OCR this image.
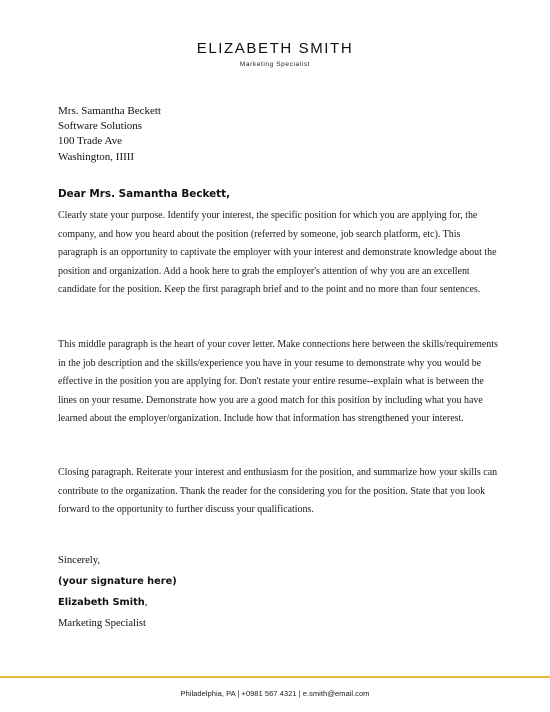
ELIZABETH SMITH
Marketing Specialist
Mrs. Samantha Beckett
Software Solutions
100 Trade Ave
Washington, IIIII
Dear Mrs. Samantha Beckett,
Clearly state your purpose. Identify your interest, the specific position for which you are applying for, the company, and how you heard about the position (referred by someone, job search platform, etc). This paragraph is an opportunity to captivate the employer with your interest and demonstrate knowledge about the position and organization. Add a hook here to grab the employer's attention of why you are an excellent candidate for the position. Keep the first paragraph brief and to the point and no more than four sentences.
This middle paragraph is the heart of your cover letter. Make connections here between the skills/requirements in the job description and the skills/experience you have in your resume to demonstrate why you would be effective in the position you are applying for. Don't restate your entire resume--explain what is between the lines on your resume. Demonstrate how you are a good match for this position by including what you have learned about the employer/organization. Include how that information has strengthened your interest.
Closing paragraph. Reiterate your interest and enthusiasm for the position, and summarize how your skills can contribute to the organization. Thank the reader for the considering you for the position. State that you look forward to the opportunity to further discuss your qualifications.
Sincerely,
(your signature here)
Elizabeth Smith,
Marketing Specialist
Philadelphia, PA | +0981 567 4321 | e.smith@email.com
